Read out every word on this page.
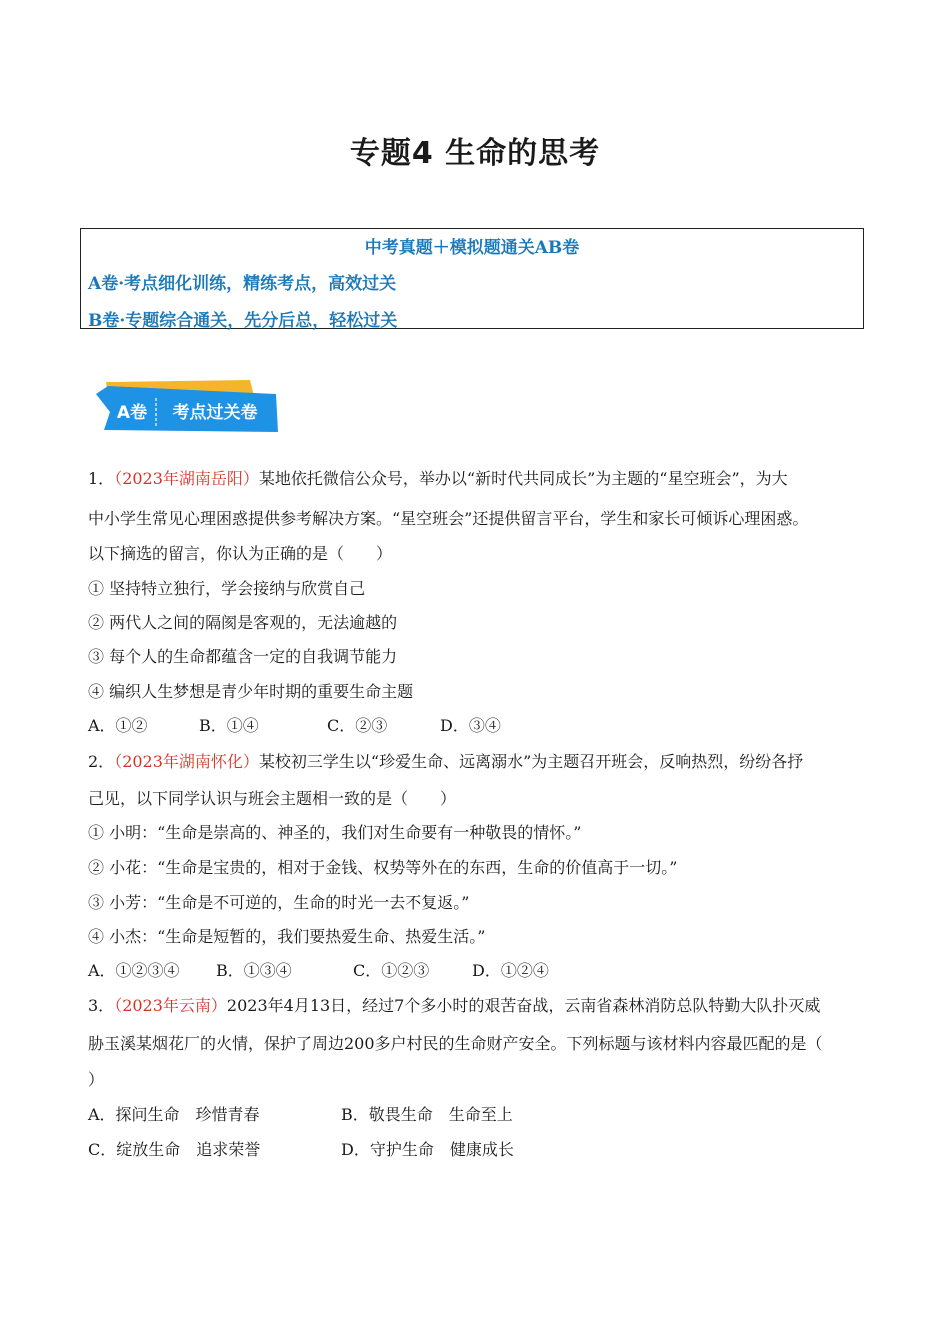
专题4 生命的思考
中考真题＋模拟题通关AB卷
A卷·考点细化训练，精练考点，高效过关
B卷·专题综合通关，先分后总，轻松过关
A卷 考点过关卷
1．（2023年湖南岳阳）某地依托微信公众号，举办以“新时代共同成长”为主题的“星空班会”，为大
中小学生常见心理困惑提供参考解决方案。“星空班会”还提供留言平台，学生和家长可倾诉心理困惑。
以下摘选的留言，你认为正确的是（　　）
① 坚持特立独行，学会接纳与欣赏自己
② 两代人之间的隔阂是客观的，无法逾越的
③ 每个人的生命都蕴含一定的自我调节能力
④ 编织人生梦想是青少年时期的重要生命主题
A．①②	B．①④	C．②③	D．③④
2．（2023年湖南怀化）某校初三学生以“珍爱生命、远离溺水”为主题召开班会，反响热烈，纷纷各抒
己见，以下同学认识与班会主题相一致的是（　　）
① 小明：“生命是崇高的、神圣的，我们对生命要有一种敬畏的情怀。”
② 小花：“生命是宝贵的，相对于金钱、权势等外在的东西，生命的价值高于一切。”
③ 小芳：“生命是不可逆的，生命的时光一去不复返。”
④ 小杰：“生命是短暂的，我们要热爱生命、热爱生活。”
A．①②③④ B．①③④	C．①②③	D．①②④
3．（2023年云南）2023年4月13日，经过7个多小时的艰苦奋战，云南省森林消防总队特勤大队扑灭威
胁玉溪某烟花厂的火情，保护了周边200多户村民的生命财产安全。下列标题与该材料内容最匹配的是（
）
A．探问生命　珍惜青春	B．敬畏生命　生命至上
C．绽放生命　追求荣誉	D．守护生命　健康成长
